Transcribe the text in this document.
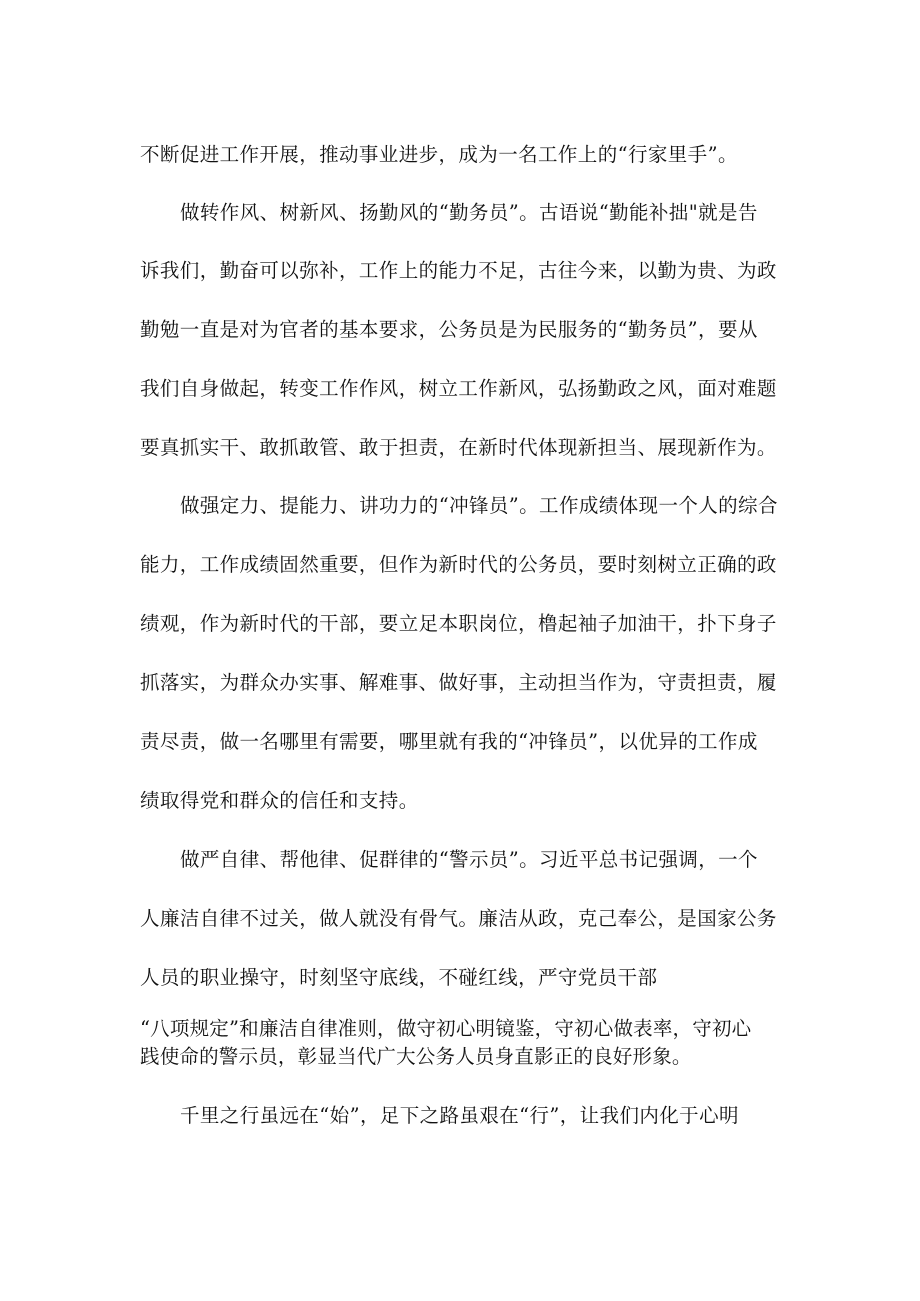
不断促进工作开展，推动事业进步，成为一名工作上的“行家里手”。
做转作风、树新风、扬勤风的“勤务员”。古语说“勤能补拙"就是告
诉我们，勤奋可以弥补，工作上的能力不足，古往今来，以勤为贵、为政
勤勉一直是对为官者的基本要求，公务员是为民服务的“勤务员”，要从
我们自身做起，转变工作作风，树立工作新风，弘扬勤政之风，面对难题
要真抓实干、敢抓敢管、敢于担责，在新时代体现新担当、展现新作为。
做强定力、提能力、讲功力的“冲锋员”。工作成绩体现一个人的综合
能力，工作成绩固然重要，但作为新时代的公务员，要时刻树立正确的政
绩观，作为新时代的干部，要立足本职岗位，橹起袖子加油干，扑下身子
抓落实，为群众办实事、解难事、做好事，主动担当作为，守责担责，履
责尽责，做一名哪里有需要，哪里就有我的“冲锋员”，以优异的工作成
绩取得党和群众的信任和支持。
做严自律、帮他律、促群律的“警示员”。习近平总书记强调，一个
人廉洁自律不过关，做人就没有骨气。廉洁从政，克己奉公，是国家公务
人员的职业操守，时刻坚守底线，不碰红线，严守党员干部
“八项规定”和廉洁自律准则，做守初心明镜鉴，守初心做表率，守初心
践使命的警示员，彰显当代广大公务人员身直影正的良好形象。
千里之行虽远在“始”，足下之路虽艰在“行”，让我们内化于心明
